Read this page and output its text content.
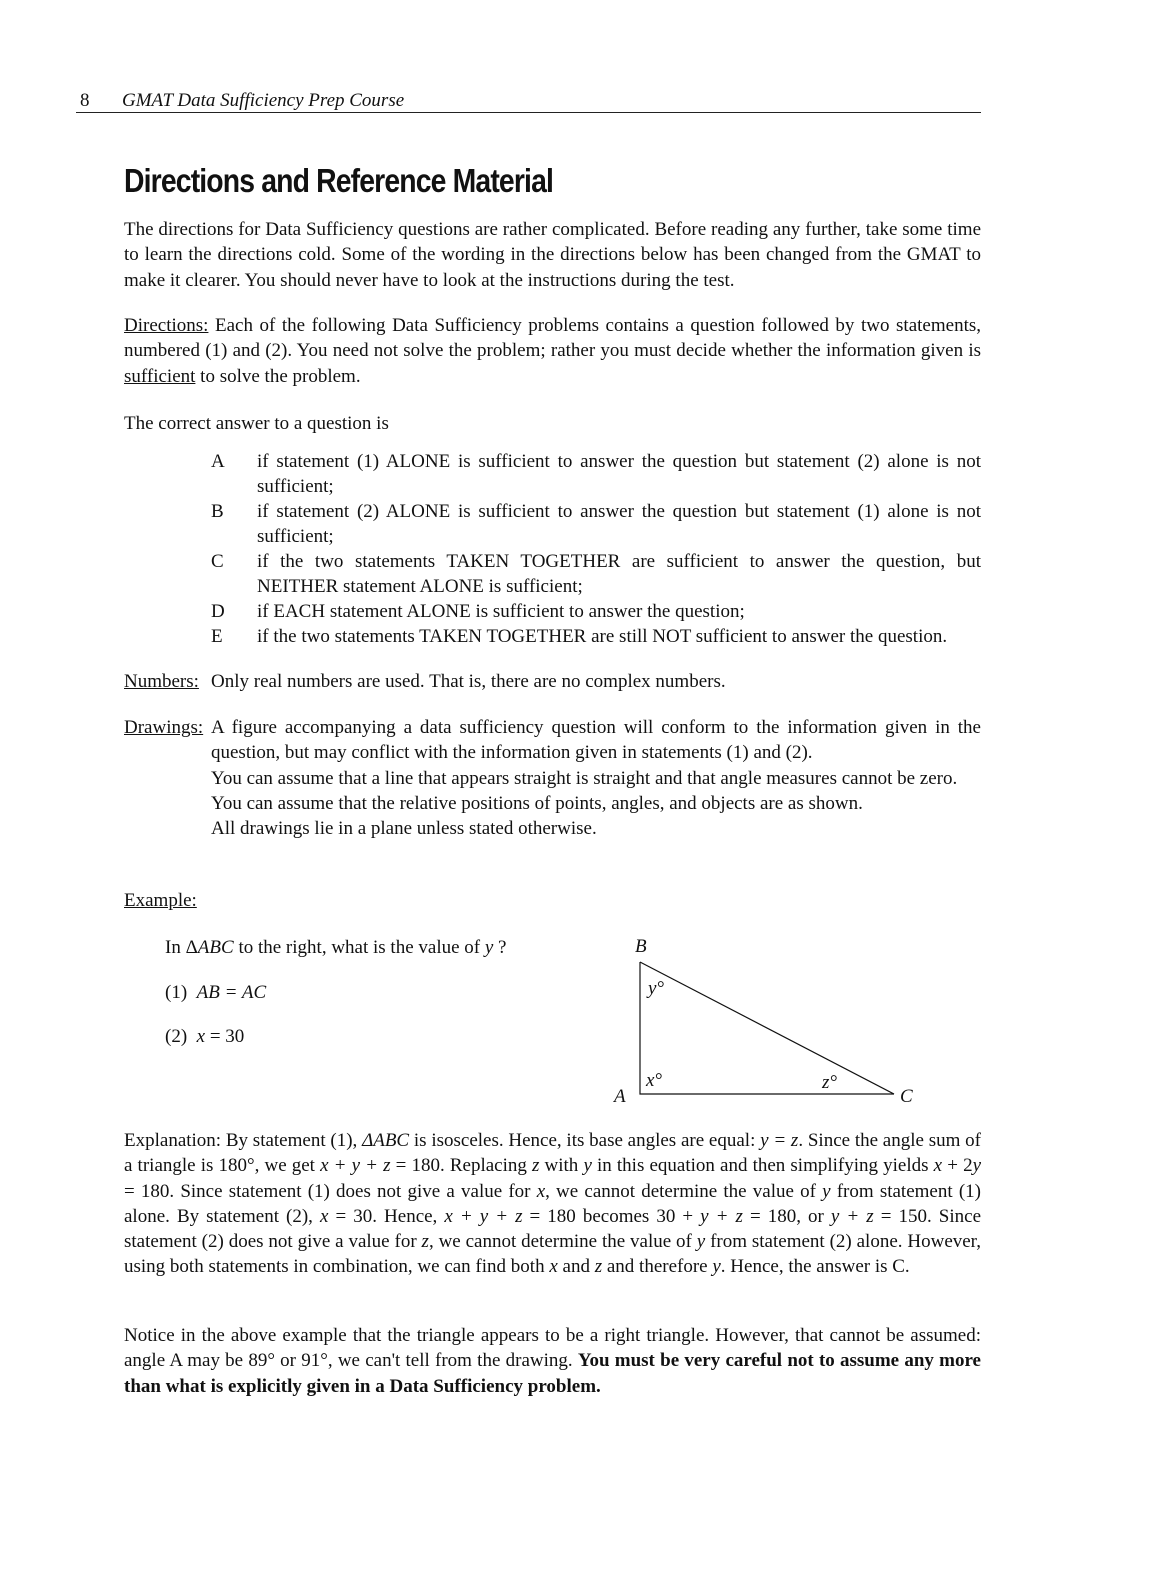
8 GMAT Data Sufficiency Prep Course
Directions and Reference Material

The directions for Data Sufficiency questions are rather complicated. Before reading any further, take some time to learn the directions cold. Some of the wording in the directions below has been changed from the GMAT to make it clearer. You should never have to look at the instructions during the test.

Directions: Each of the following Data Sufficiency problems contains a question followed by two statements, numbered (1) and (2). You need not solve the problem; rather you must decide whether the information given is sufficient to solve the problem.

The correct answer to a question is

A	if statement (1) ALONE is sufficient to answer the question but statement (2) alone is not sufficient;
B	if statement (2) ALONE is sufficient to answer the question but statement (1) alone is not sufficient;
C	if the two statements TAKEN TOGETHER are sufficient to answer the question, but NEITHER statement ALONE is sufficient;
D	if EACH statement ALONE is sufficient to answer the question;
E	if the two statements TAKEN TOGETHER are still NOT sufficient to answer the question.
Numbers: Only real numbers are used. That is, there are no complex numbers.
Drawings: A figure accompanying a data sufficiency question will conform to the information given in the question, but may conflict with the information given in statements (1) and (2).
You can assume that a line that appears straight is straight and that angle measures cannot be zero.
You can assume that the relative positions of points, angles, and objects are as shown.
All drawings lie in a plane unless stated otherwise.
Example:
In ΔABC to the right, what is the value of y ?
(1) AB = AC
(2) x = 30
B
A	C
y°
x°	z°

Explanation: By statement (1), ΔABC is isosceles. Hence, its base angles are equal: y = z. Since the angle sum of a triangle is 180°, we get x + y + z = 180. Replacing z with y in this equation and then simplifying yields x + 2y = 180. Since statement (1) does not give a value for x, we cannot determine the value of y from statement (1) alone. By statement (2), x = 30. Hence, x + y + z = 180 becomes 30 + y + z = 180, or y + z = 150. Since statement (2) does not give a value for z, we cannot determine the value of y from statement (2) alone. However, using both statements in combination, we can find both x and z and therefore y. Hence, the answer is C.

Notice in the above example that the triangle appears to be a right triangle. However, that cannot be assumed: angle A may be 89° or 91°, we can't tell from the drawing. You must be very careful not to assume any more than what is explicitly given in a Data Sufficiency problem.
